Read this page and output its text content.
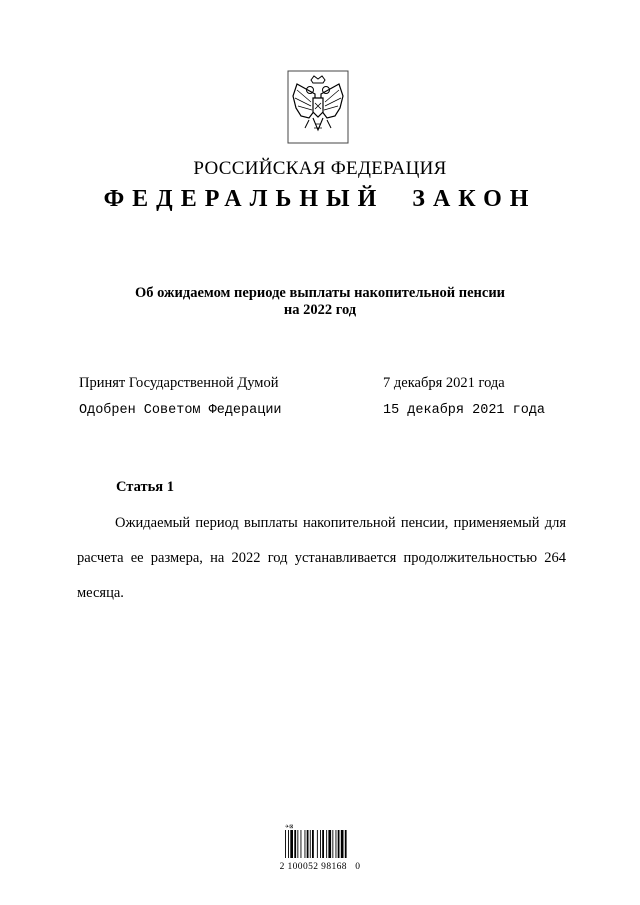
РОССИЙСКАЯ ФЕДЕРАЦИЯ
ФЕДЕРАЛЬНЫЙ ЗАКОН
Об ожидаемом периоде выплаты накопительной пенсии
на 2022 год
Принят Государственной Думой	7 декабря 2021 года
Одобрен Советом Федерации	15 декабря 2021 года
Статья 1
Ожидаемый период выплаты накопительной пенсии, применяемый для расчета ее размера, на 2022 год устанавливается продолжительностью 264 месяца.
✈⊠
2 100052 98168   0
